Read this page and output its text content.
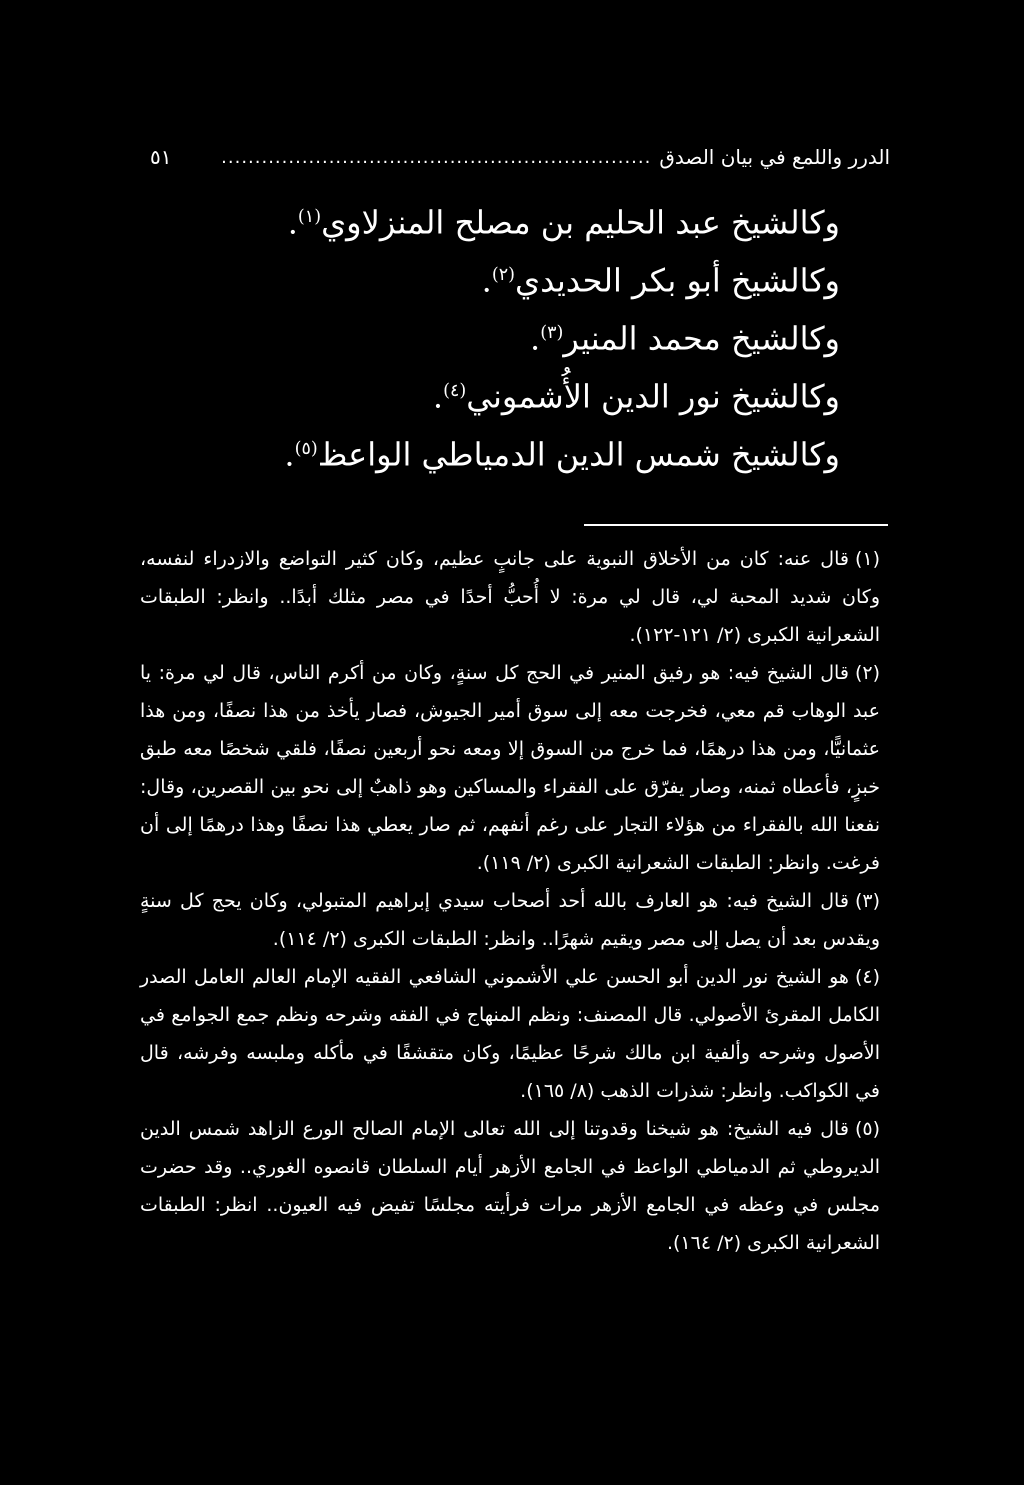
الدرر واللمع في بيان الصدق
................................................................
٥١
وكالشيخ عبد الحليم بن مصلح المنزلاوي$^{(١)}$.
وكالشيخ أبو بكر الحديدي$^{(٢)}$.
وكالشيخ محمد المنير$^{(٣)}$.
وكالشيخ نور الدين الأُشموني$^{(٤)}$.
وكالشيخ شمس الدين الدمياطي الواعظ$^{(٥)}$.

(١)قال عنه: كان من الأخلاق النبوية على جانبٍ عظيم، وكان كثير التواضع والازدراء لنفسه، وكان شديد المحبة لي، قال لي مرة: لا أُحبُّ أحدًا في مصر مثلك أبدًا.. وانظر: الطبقات الشعرانية الكبرى (٢/ ١٢١-١٢٢).

(٢)قال الشيخ فيه: هو رفيق المنير في الحج كل سنةٍ، وكان من أكرم الناس، قال لي مرة: يا عبد الوهاب قم معي، فخرجت معه إلى سوق أمير الجيوش، فصار يأخذ من هذا نصفًا، ومن هذا عثمانيًّا، ومن هذا درهمًا، فما خرج من السوق إلا ومعه نحو أربعين نصفًا، فلقي شخصًا معه طبق خبزٍ، فأعطاه ثمنه، وصار يفرّق على الفقراء والمساكين وهو ذاهبٌ إلى نحو بين القصرين، وقال: نفعنا الله بالفقراء من هؤلاء التجار على رغم أنفهم، ثم صار يعطي هذا نصفًا وهذا درهمًا إلى أن فرغت. وانظر: الطبقات الشعرانية الكبرى (٢/ ١١٩).

(٣)قال الشيخ فيه: هو العارف بالله أحد أصحاب سيدي إبراهيم المتبولي، وكان يحج كل سنةٍ ويقدس بعد أن يصل إلى مصر ويقيم شهرًا.. وانظر: الطبقات الكبرى (٢/ ١١٤).

(٤)هو الشيخ نور الدين أبو الحسن علي الأشموني الشافعي الفقيه الإمام العالم العامل الصدر الكامل المقرئ الأصولي. قال المصنف: ونظم المنهاج في الفقه وشرحه ونظم جمع الجوامع في الأصول وشرحه وألفية ابن مالك شرحًا عظيمًا، وكان متقشفًا في مأكله وملبسه وفرشه، قال في الكواكب. وانظر: شذرات الذهب (٨/ ١٦٥).

(٥)قال فيه الشيخ: هو شيخنا وقدوتنا إلى الله تعالى الإمام الصالح الورع الزاهد شمس الدين الديروطي ثم الدمياطي الواعظ في الجامع الأزهر أيام السلطان قانصوه الغوري.. وقد حضرت مجلس في وعظه في الجامع الأزهر مرات فرأيته مجلسًا تفيض فيه العيون.. انظر: الطبقات الشعرانية الكبرى (٢/ ١٦٤).
